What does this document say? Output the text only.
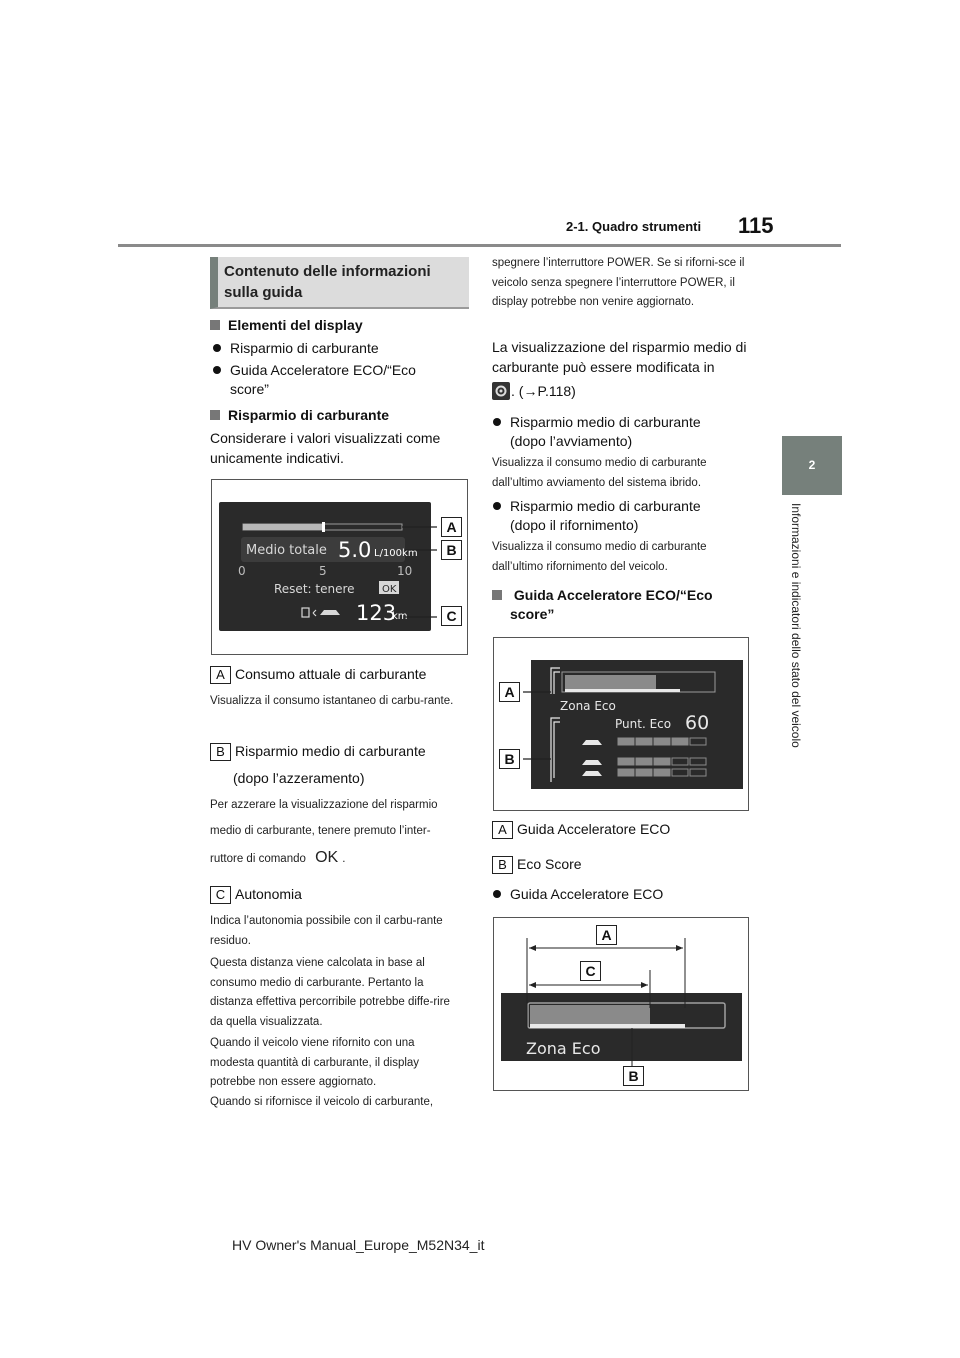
2-1. Quadro strumenti 115
2
Informazioni e indicatori dello stato del veicolo
Contenuto delle informazioni sulla guida
Elementi del display
Risparmio di carburante
Guida Acceleratore ECO/“Eco score”
Risparmio di carburante
Considerare i valori visualizzati come unicamente indicativi.
Medio totale 5.0 L/100km
0	5	10
Reset: tenere	OK
123
km
A
B
C
A Consumo attuale di carburante
Visualizza il consumo istantaneo di carbu-rante.
B Risparmio medio di carburante
(dopo l’azzeramento)
Per azzerare la visualizzazione del risparmio
medio di carburante, tenere premuto l’inter-
ruttore di comando OK .
C Autonomia
Indica l’autonomia possibile con il carbu-rante residuo.
Questa distanza viene calcolata in base al consumo medio di carburante. Pertanto la distanza effettiva percorribile potrebbe diffe-rire da quella visualizzata.
Quando il veicolo viene rifornito con una modesta quantità di carburante, il display potrebbe non essere aggiornato.
Quando si rifornisce il veicolo di carburante,
spegnere l’interruttore POWER. Se si riforni-sce il veicolo senza spegnere l’interruttore POWER, il display potrebbe non venire aggiornato.
La visualizzazione del risparmio medio di carburante può essere modificata in
. (→P.118)
Risparmio medio di carburante
(dopo l’avviamento)
Visualizza il consumo medio di carburante dall’ultimo avviamento del sistema ibrido.
Risparmio medio di carburante
(dopo il rifornimento)
Visualizza il consumo medio di carburante dall’ultimo rifornimento del veicolo.
Guida Acceleratore ECO/“Eco
score”
Zona Eco
Punt. Eco 60
A
B
A Guida Acceleratore ECO
B Eco Score
Guida Acceleratore ECO
Zona Eco
A
C
B
HV Owner's Manual_Europe_M52N34_it
